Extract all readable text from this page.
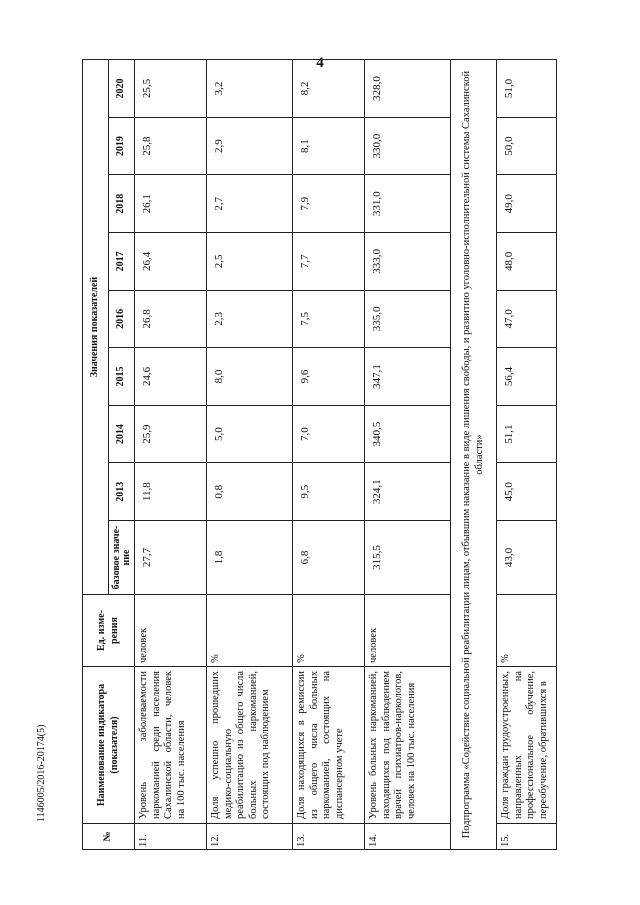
4
1146005/2016-20174(5)
№	Наименование индикатора (показателя)	Ед. изме-рения	Значения показателей								
			базовое значе-ние	2013	2014	2015	2016	2017	2018	2019	2020
11.	Уровень заболеваемости наркоманией среди населения Сахалинской области, человек на 100 тыс. населения	человек	27,7	11,8	25,9	24,6	26,8	26,4	26,1	25,8	25,5
12.	Доля успешно прошедших медико-социальную реабилитацию из общего числа больных наркоманией, состоящих под наблюдением	%	1,8	0,8	5,0	8,0	2,3	2,5	2,7	2,9	3,2
13.	Доля находящихся в ремиссии из общего числа больных наркоманией, состоящих на диспансерном учете	%	6,8	9,5	7,0	9,6	7,5	7,7	7,9	8,1	8,2
14.	Уровень больных наркоманией, находящихся под наблюдением врачей психиатров-наркологов, человек на 100 тыс. населения	человек	315,5	324,1	340,5	347,1	335,0	333,0	331,0	330,0	328,0
Подпрограмма «Содействие социальной реабилитации лицам, отбывшим наказание в виде лишения свободы, и развитию уголовно-исполнительной системы Сахалинской области»											
15.	Доля граждан трудоустроенных, направленных на профессиональное обучение, переобучение, обратившихся в	%	43,0	45,0	51,1	56,4	47,0	48,0	49,0	50,0	51,0
